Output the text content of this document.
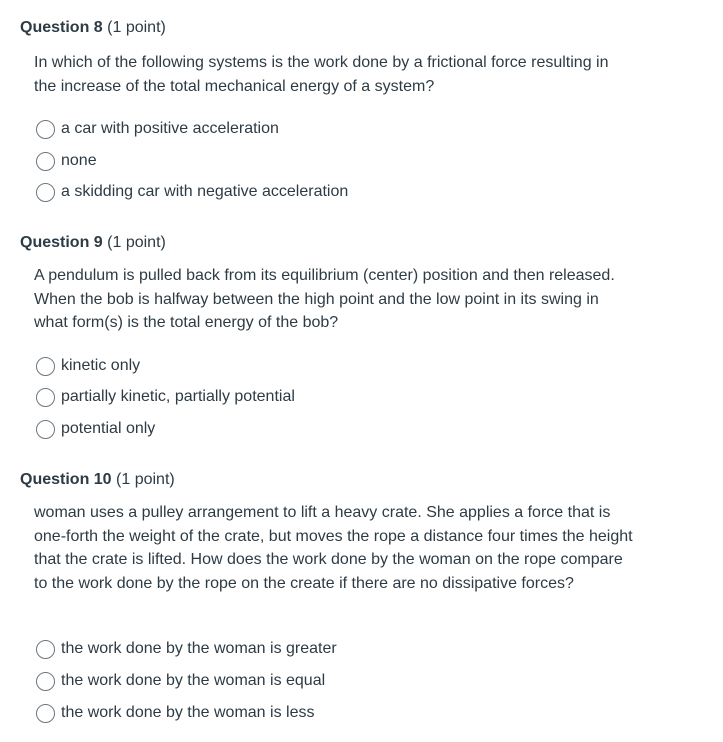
Question 8 (1 point)
In which of the following systems is the work done by a frictional force resulting in the increase of the total mechanical energy of a system?
a car with positive acceleration
none
a skidding car with negative acceleration
Question 9 (1 point)
A pendulum is pulled back from its equilibrium (center) position and then released. When the bob is halfway between the high point and the low point in its swing in what form(s) is the total energy of the bob?
kinetic only
partially kinetic, partially potential
potential only
Question 10 (1 point)
woman uses a pulley arrangement to lift a heavy crate. She applies a force that is one-forth the weight of the crate, but moves the rope a distance four times the height that the crate is lifted. How does the work done by the woman on the rope compare to the work done by the rope on the create if there are no dissipative forces?
the work done by the woman is greater
the work done by the woman is equal
the work done by the woman is less
